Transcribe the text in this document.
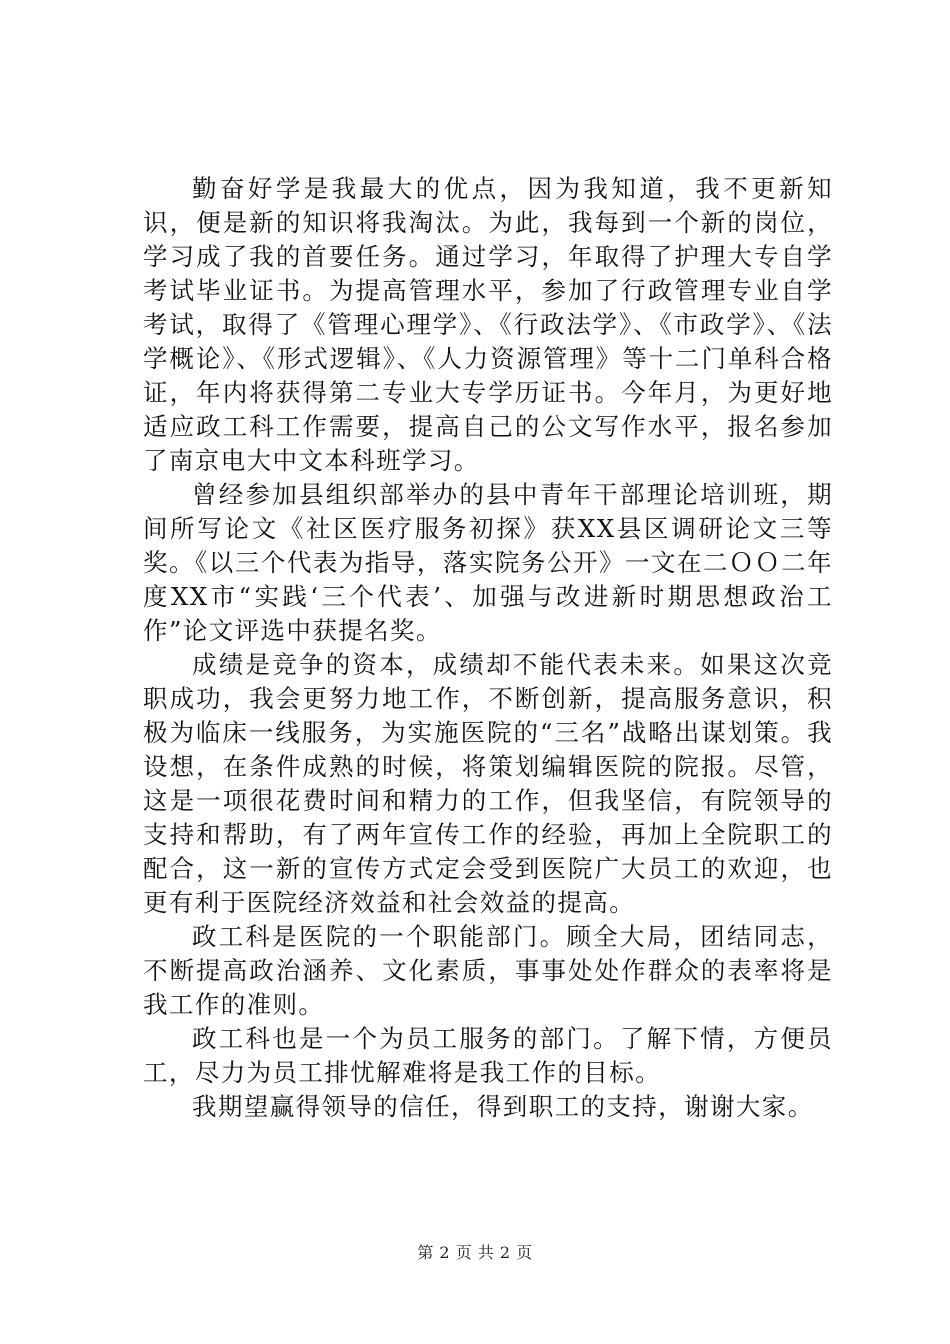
勤奋好学是我最大的优点，因为我知道，我不更新知识，便是新的知识将我淘汰。为此，我每到一个新的岗位，学习成了我的首要任务。通过学习，年取得了护理大专自学考试毕业证书。为提高管理水平，参加了行政管理专业自学考试，取得了《管理心理学》、《行政法学》、《市政学》、《法学概论》、《形式逻辑》、《人力资源管理》等十二门单科合格证，年内将获得第二专业大专学历证书。今年月，为更好地适应政工科工作需要，提高自己的公文写作水平，报名参加了南京电大中文本科班学习。

曾经参加县组织部举办的县中青年干部理论培训班，期间所写论文《社区医疗服务初探》获XX县区调研论文三等奖。《以三个代表为指导，落实院务公开》一文在二ＯＯ二年度XX市“实践‘三个代表’、加强与改进新时期思想政治工作”论文评选中获提名奖。

成绩是竞争的资本，成绩却不能代表未来。如果这次竞职成功，我会更努力地工作，不断创新，提高服务意识，积极为临床一线服务，为实施医院的“三名”战略出谋划策。我设想，在条件成熟的时候，将策划编辑医院的院报。尽管，这是一项很花费时间和精力的工作，但我坚信，有院领导的支持和帮助，有了两年宣传工作的经验，再加上全院职工的配合，这一新的宣传方式定会受到医院广大员工的欢迎，也更有利于医院经济效益和社会效益的提高。

政工科是医院的一个职能部门。顾全大局，团结同志，不断提高政治涵养、文化素质，事事处处作群众的表率将是我工作的准则。

政工科也是一个为员工服务的部门。了解下情，方便员工，尽力为员工排忧解难将是我工作的目标。

我期望赢得领导的信任，得到职工的支持，谢谢大家。

第 2 页 共 2 页
